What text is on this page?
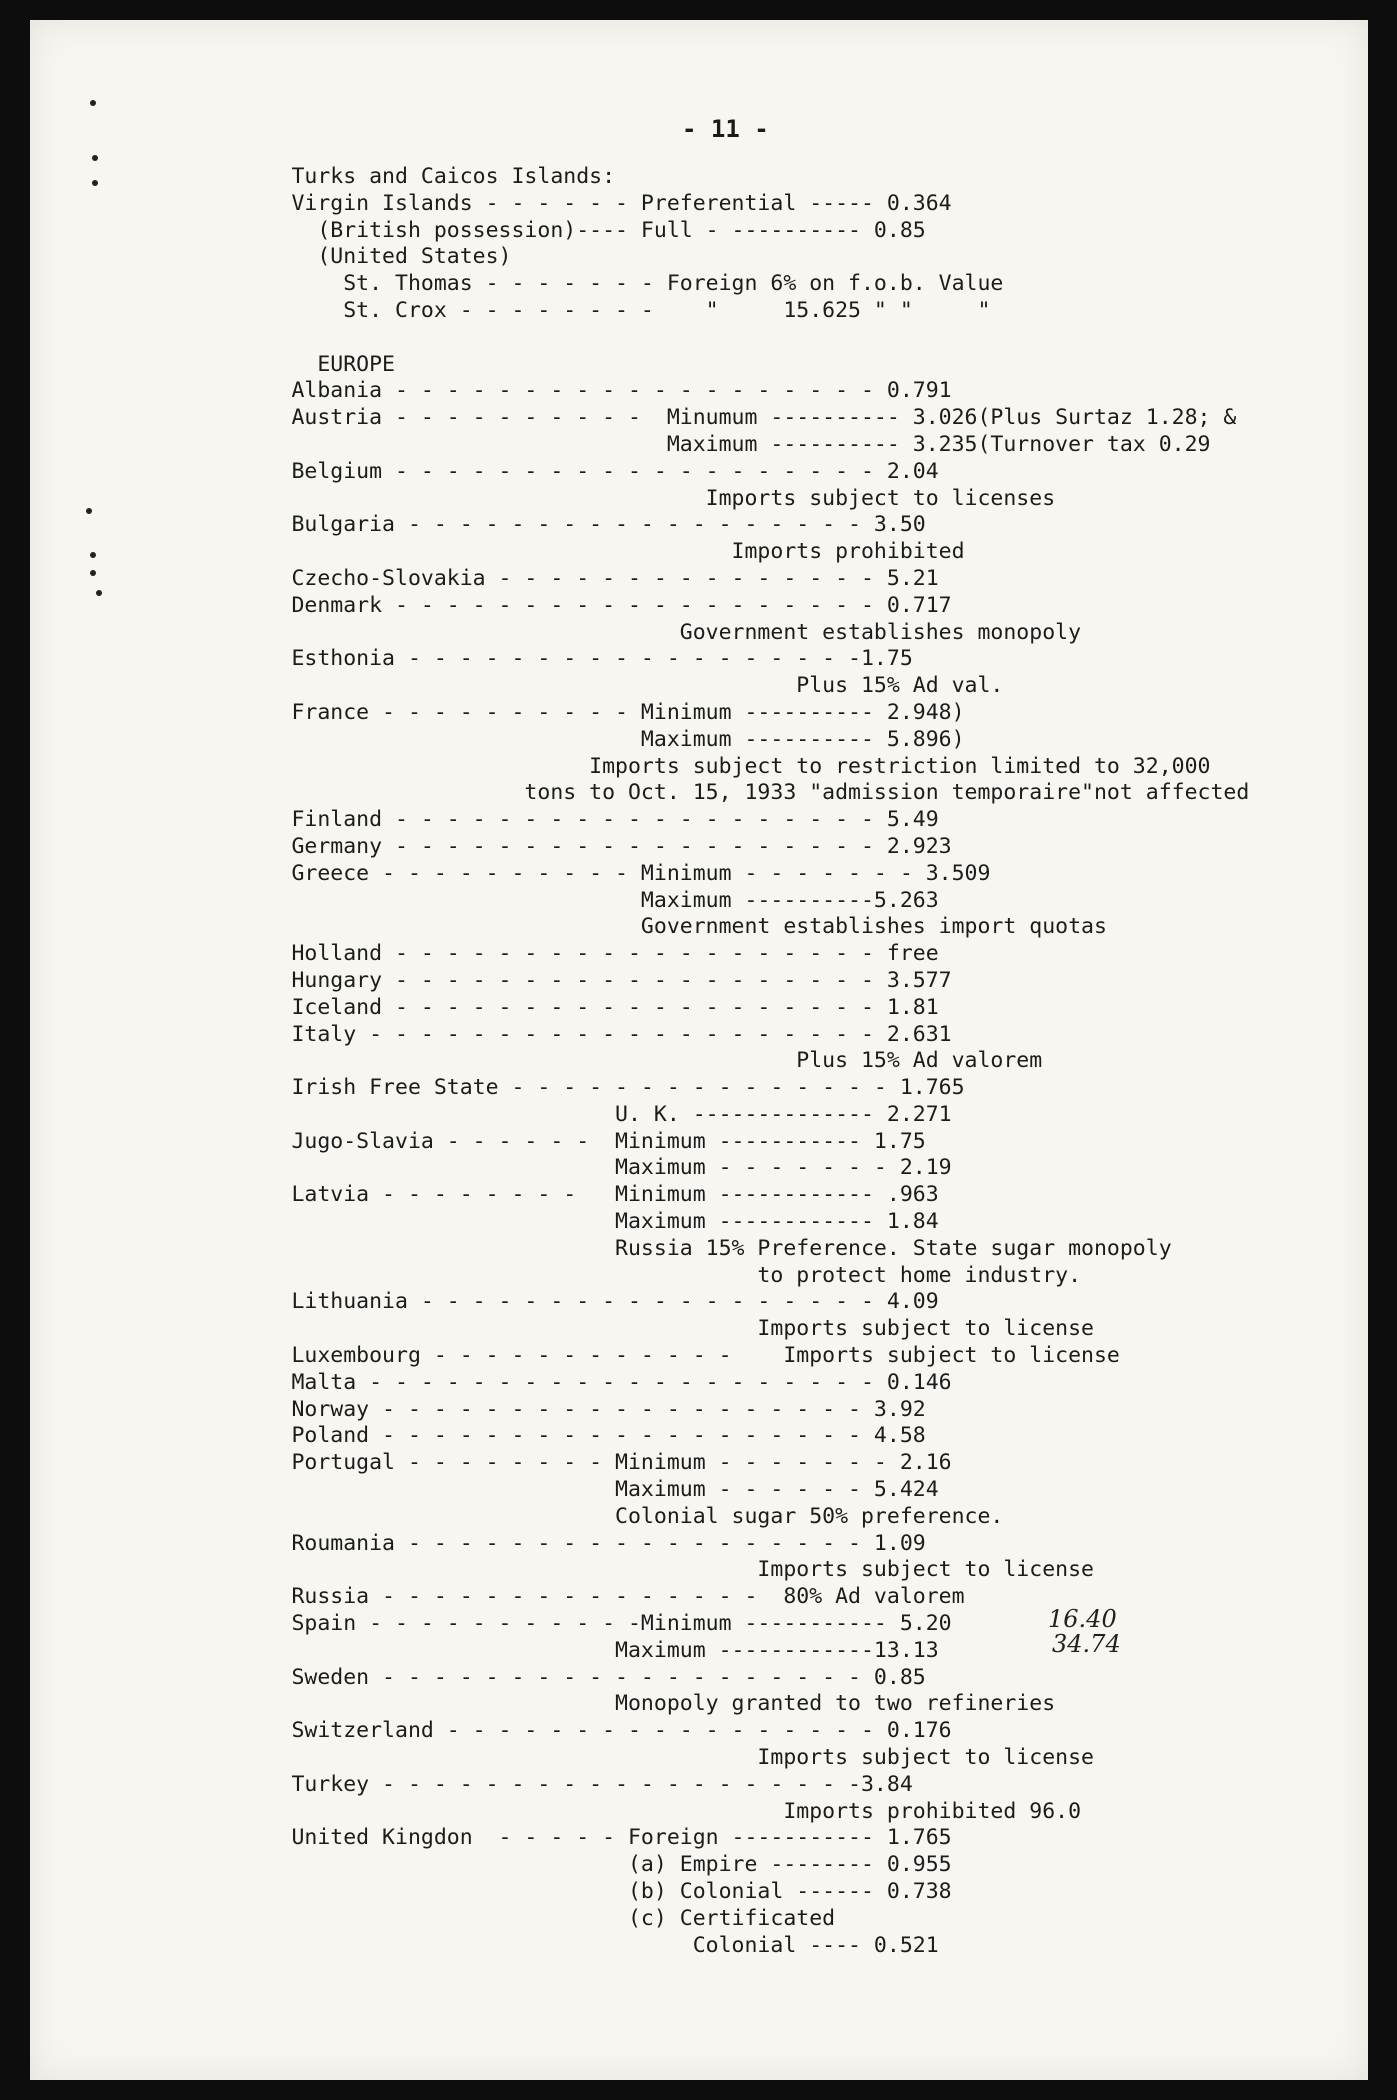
- 11 -
Turks and Caicos Islands:
Virgin Islands - - - - - - Preferential ----- 0.364
(British possession)---- Full - ---------- 0.85
(United States)
St. Thomas - - - - - - - Foreign 6% on f.o.b. Value
St. Crox - - - - - - - -    "     15.625 " "     "
EUROPE
Albania - - - - - - - - - - - - - - - - - - - 0.791
Austria - - - - - - - - - -  Minumum ---------- 3.026(Plus Surtaz 1.28; &
Maximum ---------- 3.235(Turnover tax 0.29
Belgium - - - - - - - - - - - - - - - - - - - 2.04
Imports subject to licenses
Bulgaria - - - - - - - - - - - - - - - - - - 3.50
Imports prohibited
Czecho-Slovakia - - - - - - - - - - - - - - - 5.21
Denmark - - - - - - - - - - - - - - - - - - - 0.717
Government establishes monopoly
Esthonia - - - - - - - - - - - - - - - - - -1.75
Plus 15% Ad val.
France - - - - - - - - - - Minimum ---------- 2.948)
Maximum ---------- 5.896)
Imports subject to restriction limited to 32,000
tons to Oct. 15, 1933 "admission temporaire"not affected
Finland - - - - - - - - - - - - - - - - - - - 5.49
Germany - - - - - - - - - - - - - - - - - - - 2.923
Greece - - - - - - - - - - Minimum - - - - - - - 3.509
Maximum ----------5.263
Government establishes import quotas
Holland - - - - - - - - - - - - - - - - - - - free
Hungary - - - - - - - - - - - - - - - - - - - 3.577
Iceland - - - - - - - - - - - - - - - - - - - 1.81
Italy - - - - - - - - - - - - - - - - - - - - 2.631
Plus 15% Ad valorem
Irish Free State - - - - - - - - - - - - - - - 1.765
U. K. -------------- 2.271
Jugo-Slavia - - - - - -  Minimum ----------- 1.75
Maximum - - - - - - - 2.19
Latvia - - - - - - - -   Minimum ------------ .963
Maximum ------------ 1.84
Russia 15% Preference. State sugar monopoly
to protect home industry.
Lithuania - - - - - - - - - - - - - - - - - - 4.09
Imports subject to license
Luxembourg - - - - - - - - - - - -    Imports subject to license
Malta - - - - - - - - - - - - - - - - - - - - 0.146
Norway - - - - - - - - - - - - - - - - - - - 3.92
Poland - - - - - - - - - - - - - - - - - - - 4.58
Portugal - - - - - - - - Minimum - - - - - - - 2.16
Maximum - - - - - - 5.424
Colonial sugar 50% preference.
Roumania - - - - - - - - - - - - - - - - - - 1.09
Imports subject to license
Russia - - - - - - - - - - - - - - -  80% Ad valorem
Spain - - - - - - - - - - -Minimum ----------- 5.20
Maximum ------------13.13
Sweden - - - - - - - - - - - - - - - - - - - 0.85
Monopoly granted to two refineries
Switzerland - - - - - - - - - - - - - - - - - 0.176
Imports subject to license
Turkey - - - - - - - - - - - - - - - - - - -3.84
Imports prohibited 96.0
United Kingdon  - - - - - Foreign ----------- 1.765
(a) Empire -------- 0.955
(b) Colonial ------ 0.738
(c) Certificated
Colonial ---- 0.521
16.40
34.74
